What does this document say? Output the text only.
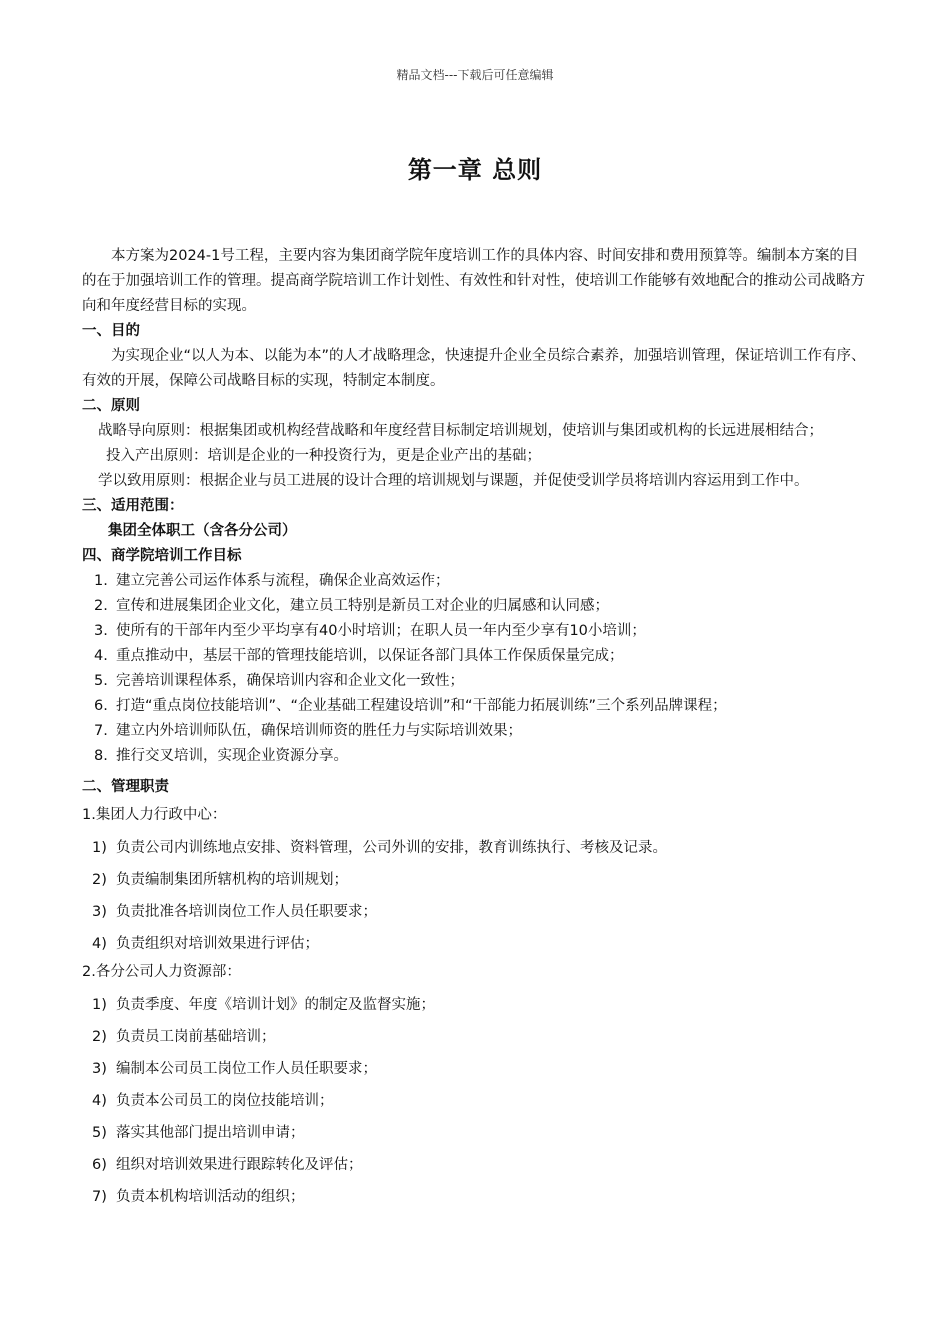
精品文档---下载后可任意编辑
第一章 总则

本方案为2024-1号工程，主要内容为集团商学院年度培训工作的具体内容、时间安排和费用预算等。编制本方案的目的在于加强培训工作的管理。提高商学院培训工作计划性、有效性和针对性，使培训工作能够有效地配合的推动公司战略方向和年度经营目标的实现。

一、目的

为实现企业“以人为本、以能为本”的人才战略理念，快速提升企业全员综合素养，加强培训管理，保证培训工作有序、有效的开展，保障公司战略目标的实现，特制定本制度。

二、原则

战略导向原则：根据集团或机构经营战略和年度经营目标制定培训规划，使培训与集团或机构的长远进展相结合；

投入产出原则：培训是企业的一种投资行为，更是企业产出的基础；

学以致用原则：根据企业与员工进展的设计合理的培训规划与课题，并促使受训学员将培训内容运用到工作中。

三、适用范围：

集团全体职工（含各分公司）

四、商学院培训工作目标

1. 建立完善公司运作体系与流程，确保企业高效运作；
2. 宣传和进展集团企业文化，建立员工特别是新员工对企业的归属感和认同感；
3. 使所有的干部年内至少平均享有40小时培训；在职人员一年内至少享有10小培训；
4. 重点推动中，基层干部的管理技能培训，以保证各部门具体工作保质保量完成；
5. 完善培训课程体系，确保培训内容和企业文化一致性；
6. 打造“重点岗位技能培训”、“企业基础工程建设培训”和“干部能力拓展训练”三个系列品牌课程；
7. 建立内外培训师队伍，确保培训师资的胜任力与实际培训效果；
8. 推行交叉培训，实现企业资源分享。

二、管理职责

1.集团人力行政中心：

1) 负责公司内训练地点安排、资料管理，公司外训的安排，教育训练执行、考核及记录。
2) 负责编制集团所辖机构的培训规划；
3) 负责批准各培训岗位工作人员任职要求；
4) 负责组织对培训效果进行评估；

2.各分公司人力资源部：

1) 负责季度、年度《培训计划》的制定及监督实施；
2) 负责员工岗前基础培训；
3) 编制本公司员工岗位工作人员任职要求；
4) 负责本公司员工的岗位技能培训；
5) 落实其他部门提出培训申请；
6) 组织对培训效果进行跟踪转化及评估；
7) 负责本机构培训活动的组织；
